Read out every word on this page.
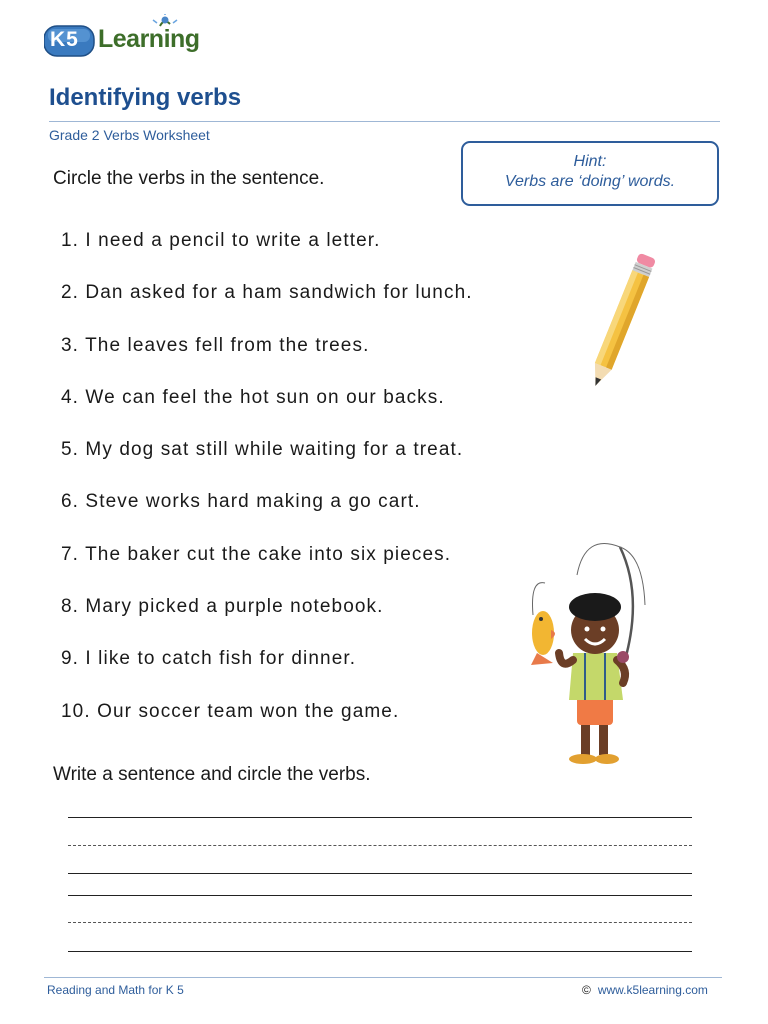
K5 Learning
Identifying verbs
Grade 2 Verbs Worksheet
Circle the verbs in the sentence.
Hint:
Verbs are ‘doing’ words.
1. I need a pencil to write a letter.
2. Dan asked for a ham sandwich for lunch.
3. The leaves fell from the trees.
4. We can feel the hot sun on our backs.
5. My dog sat still while waiting for a treat.
6. Steve works hard making a go cart.
7. The baker cut the cake into six pieces.
8. Mary picked a purple notebook.
9. I like to catch fish for dinner.
10. Our soccer team won the game.
Write a sentence and circle the verbs.
Reading and Math for K 5	© www.k5learning.com
